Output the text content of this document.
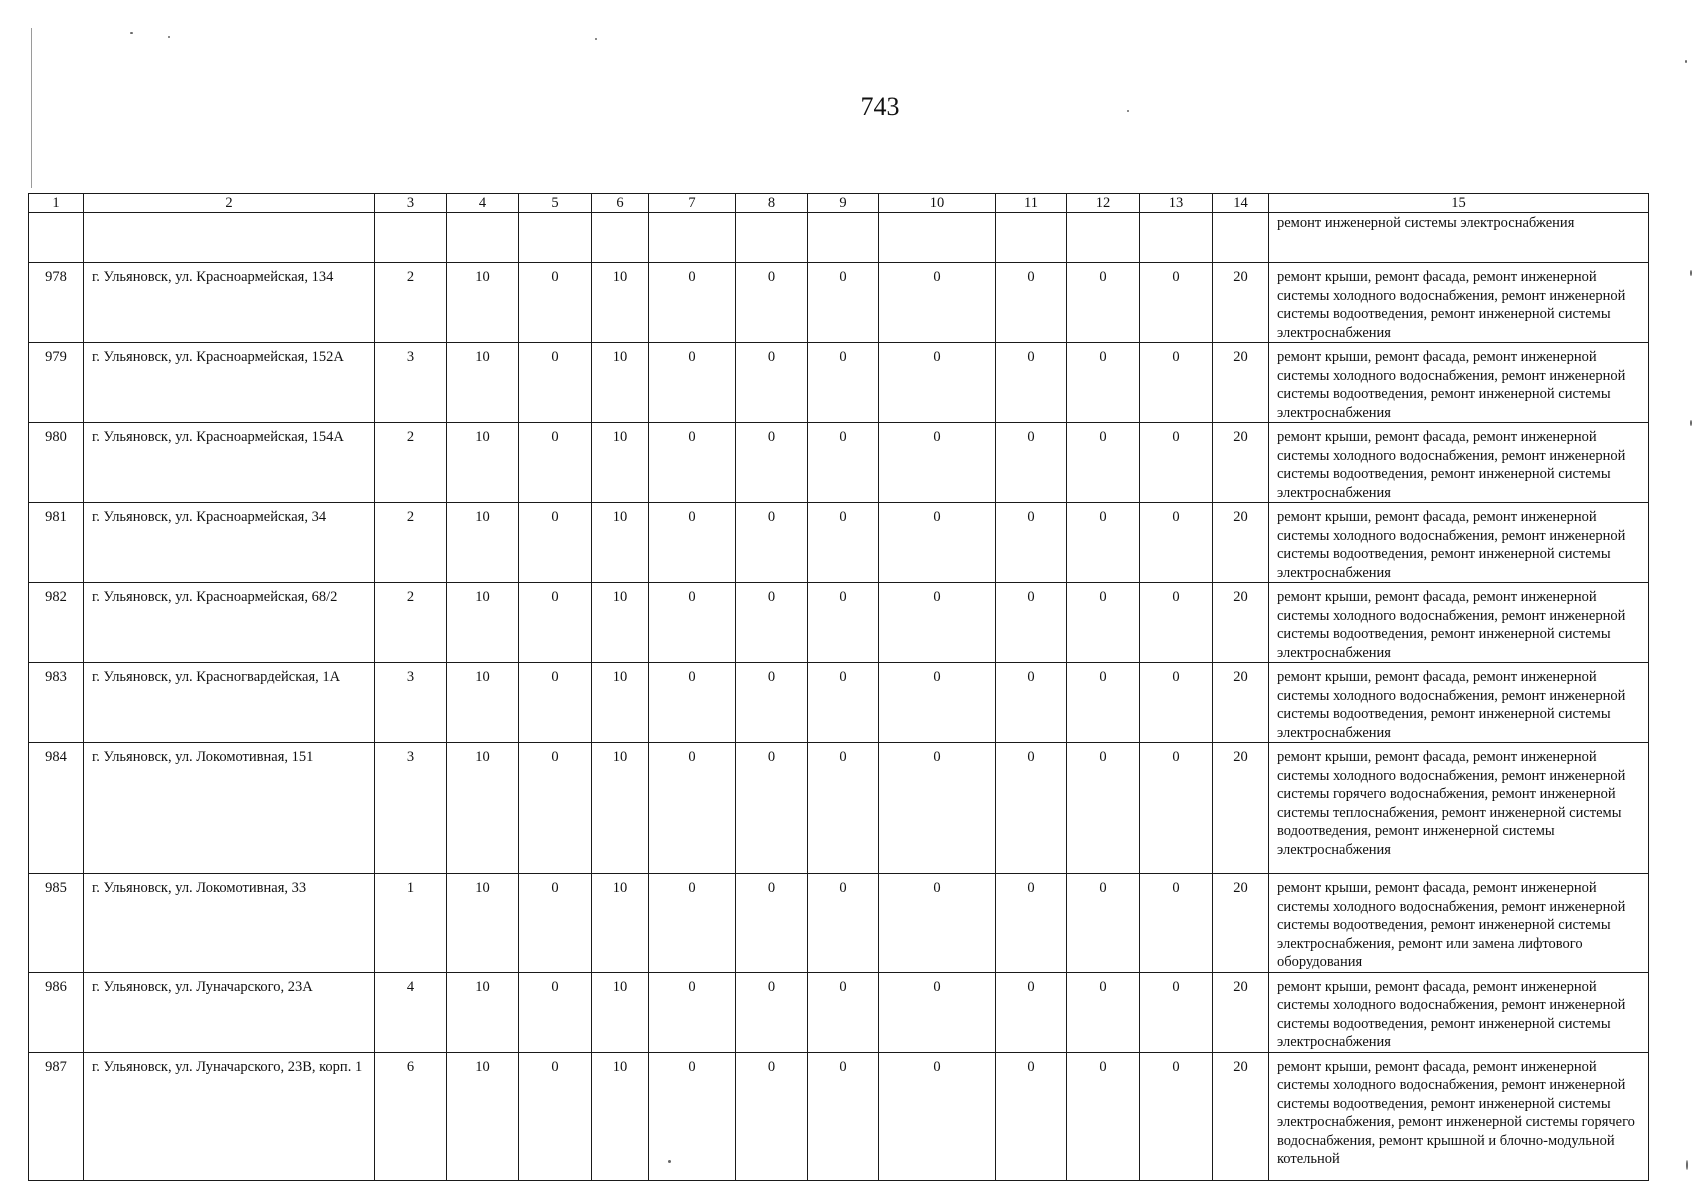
743
1	2	3	4	5	6	7	8	9	10	11	12	13	14	15
														ремонт инженерной системы электроснабжения
978	г. Ульяновск, ул. Красноармейская, 134	2	10	0	10	0	0	0	0	0	0	0	20	ремонт крыши, ремонт фасада, ремонт инженерной системы холодного водоснабжения, ремонт инженерной системы водоотведения, ремонт инженерной системы электроснабжения
979	г. Ульяновск, ул. Красноармейская, 152А	3	10	0	10	0	0	0	0	0	0	0	20	ремонт крыши, ремонт фасада, ремонт инженерной системы холодного водоснабжения, ремонт инженерной системы водоотведения, ремонт инженерной системы электроснабжения
980	г. Ульяновск, ул. Красноармейская, 154А	2	10	0	10	0	0	0	0	0	0	0	20	ремонт крыши, ремонт фасада, ремонт инженерной системы холодного водоснабжения, ремонт инженерной системы водоотведения, ремонт инженерной системы электроснабжения
981	г. Ульяновск, ул. Красноармейская, 34	2	10	0	10	0	0	0	0	0	0	0	20	ремонт крыши, ремонт фасада, ремонт инженерной системы холодного водоснабжения, ремонт инженерной системы водоотведения, ремонт инженерной системы электроснабжения
982	г. Ульяновск, ул. Красноармейская, 68/2	2	10	0	10	0	0	0	0	0	0	0	20	ремонт крыши, ремонт фасада, ремонт инженерной системы холодного водоснабжения, ремонт инженерной системы водоотведения, ремонт инженерной системы электроснабжения
983	г. Ульяновск, ул. Красногвардейская, 1А	3	10	0	10	0	0	0	0	0	0	0	20	ремонт крыши, ремонт фасада, ремонт инженерной системы холодного водоснабжения, ремонт инженерной системы водоотведения, ремонт инженерной системы электроснабжения
984	г. Ульяновск, ул. Локомотивная, 151	3	10	0	10	0	0	0	0	0	0	0	20	ремонт крыши, ремонт фасада, ремонт инженерной системы холодного водоснабжения, ремонт инженерной системы горячего водоснабжения, ремонт инженерной системы теплоснабжения, ремонт инженерной системы водоотведения, ремонт инженерной системы электроснабжения
985	г. Ульяновск, ул. Локомотивная, 33	1	10	0	10	0	0	0	0	0	0	0	20	ремонт крыши, ремонт фасада, ремонт инженерной системы холодного водоснабжения, ремонт инженерной системы водоотведения, ремонт инженерной системы электроснабжения, ремонт или замена лифтового оборудования
986	г. Ульяновск, ул. Луначарского, 23А	4	10	0	10	0	0	0	0	0	0	0	20	ремонт крыши, ремонт фасада, ремонт инженерной системы холодного водоснабжения, ремонт инженерной системы водоотведения, ремонт инженерной системы электроснабжения
987	г. Ульяновск, ул. Луначарского, 23В, корп. 1	6	10	0	10	0	0	0	0	0	0	0	20	ремонт крыши, ремонт фасада, ремонт инженерной системы холодного водоснабжения, ремонт инженерной системы водоотведения, ремонт инженерной системы электроснабжения, ремонт инженерной системы горячего водоснабжения, ремонт крышной и блочно-модульной котельной
